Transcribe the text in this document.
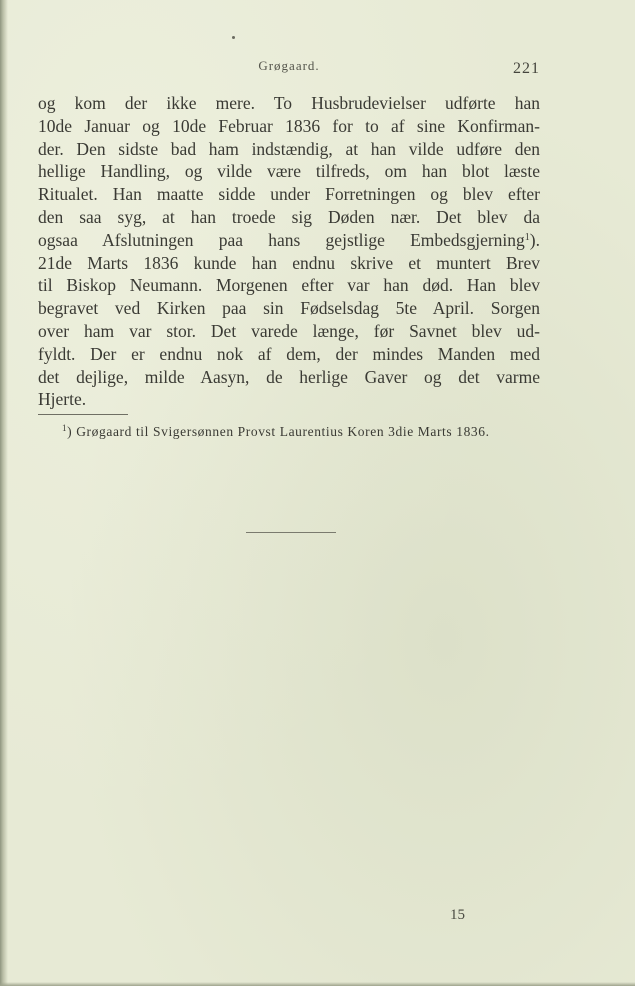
Grøgaard.	221
og kom der ikke mere. To Husbrudevielser udførte han
10de Januar og 10de Februar 1836 for to af sine Konfirman-
der. Den sidste bad ham indstændig, at han vilde udføre den
hellige Handling, og vilde være tilfreds, om han blot læste
Ritualet. Han maatte sidde under Forretningen og blev efter
den saa syg, at han troede sig Døden nær. Det blev da
ogsaa Afslutningen paa hans gejstlige Embedsgjerning$^1$).
21de Marts 1836 kunde han endnu skrive et muntert Brev
til Biskop Neumann. Morgenen efter var han død. Han blev
begravet ved Kirken paa sin Fødselsdag 5te April. Sorgen
over ham var stor. Det varede længe, før Savnet blev ud-
fyldt. Der er endnu nok af dem, der mindes Manden med
det dejlige, milde Aasyn, de herlige Gaver og det varme
Hjerte.
$^1$) Grøgaard til Svigersønnen Provst Laurentius Koren 3die Marts 1836.
15
